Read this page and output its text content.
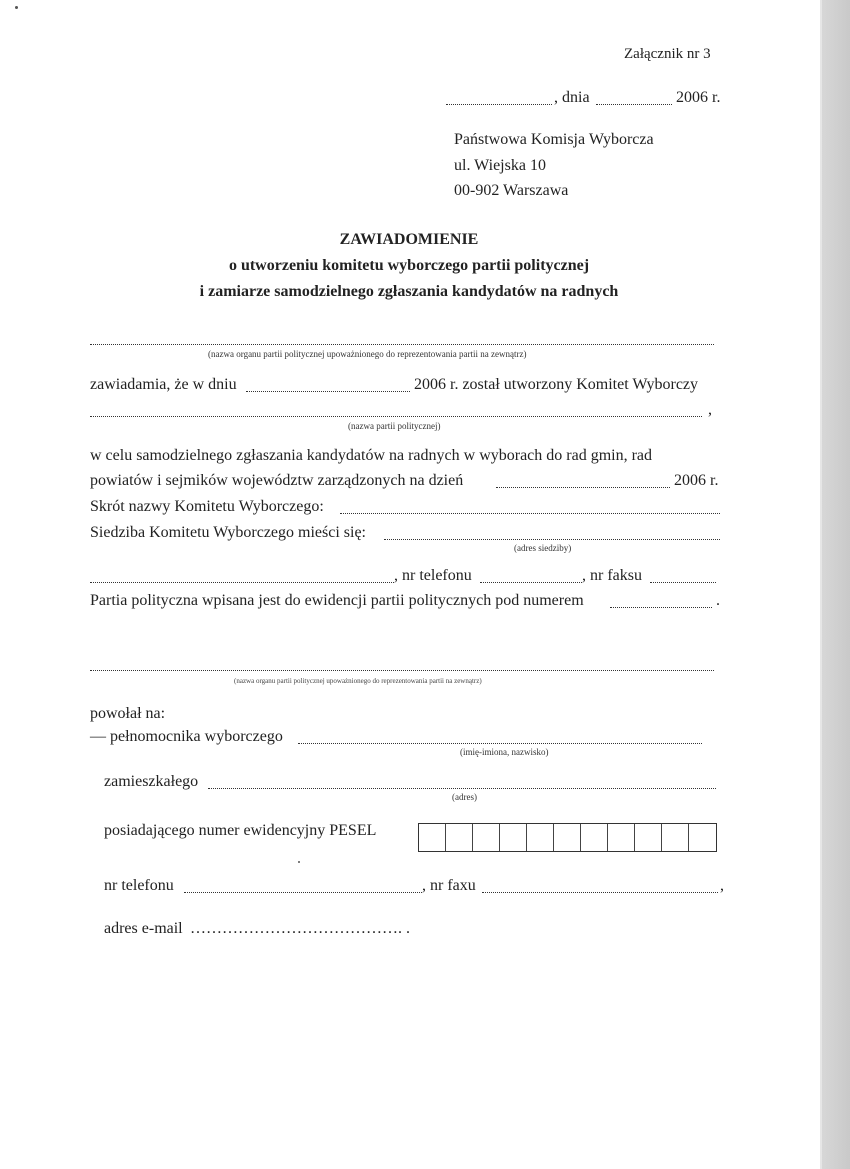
Załącznik nr 3
, dnia	2006 r.
Państwowa Komisja Wyborcza
ul. Wiejska 10
00-902 Warszawa
ZAWIADOMIENIE
o utworzeniu komitetu wyborczego partii politycznej
i zamiarze samodzielnego zgłaszania kandydatów na radnych
(nazwa organu partii politycznej upoważnionego do reprezentowania partii na zewnątrz)
zawiadamia, że w dniu	2006 r. został utworzony Komitet Wyborczy
,
(nazwa partii politycznej)
w celu samodzielnego zgłaszania kandydatów na radnych w wyborach do rad gmin, rad
powiatów i sejmików województw zarządzonych na dzień	2006 r.
Skrót nazwy Komitetu Wyborczego:
Siedziba Komitetu Wyborczego mieści się:
(adres siedziby)
, nr telefonu	, nr faksu
Partia polityczna wpisana jest do ewidencji partii politycznych pod numerem	.
(nazwa organu partii politycznej upoważnionego do reprezentowania partii na zewnątrz)
powołał na:
— pełnomocnika wyborczego
(imię-imiona, nazwisko)
zamieszkałego
(adres)
posiadającego numer ewidencyjny PESEL
nr telefonu	, nr faxu	,
adres e-mail …………………………………. .
